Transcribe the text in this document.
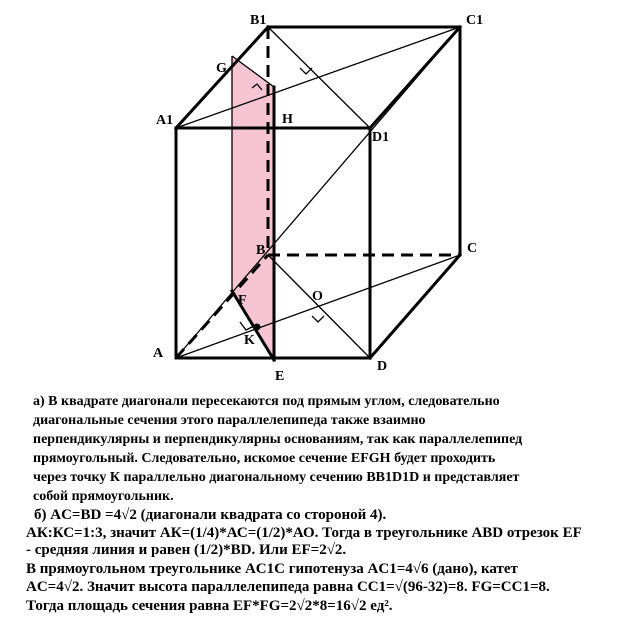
B1	C1
G
A1	H
D1
B	C
F	O
K
A
D
E

а) В квадрате диагонали пересекаются под прямым углом, следовательно

диагональные сечения этого параллелепипеда также взаимно

перпендикулярны и перпендикулярны основаниям, так как параллелепипед

прямоугольный. Следовательно, искомое сечение EFGH будет проходить

через точку К параллельно диагональному сечению BB1D1D и представляет

собой прямоугольник.

б) AC=BD =4√2 (диагонали квадрата со стороной 4).

АК:КС=1:3, значит АК=(1/4)*АС=(1/2)*АО. Тогда в треугольнике ABD отрезок EF

- средняя линия и равен (1/2)*BD. Или EF=2√2.

В прямоугольном треугольнике AC1C гипотенуза AC1=4√6 (дано), катет

AC=4√2. Значит высота параллелепипеда равна CC1=√(96-32)=8. FG=CC1=8.

Тогда площадь сечения равна EF*FG=2√2*8=16√2 ед².
